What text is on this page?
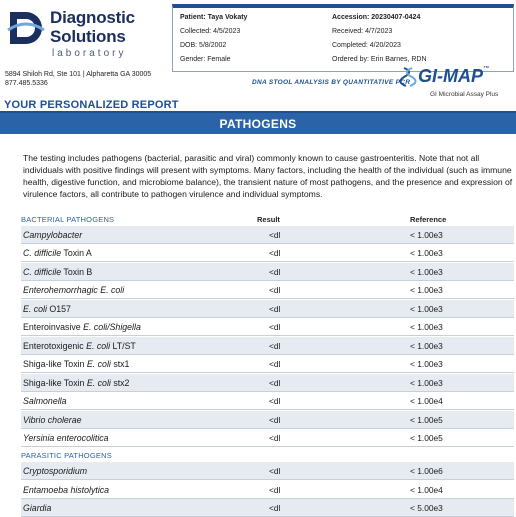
Diagnostic
Solutions
laboratory
5894 Shiloh Rd, Ste 101 | Alpharetta GA 30005
877.485.5336
Patient: Taya Vokaty
Collected: 4/5/2023
DOB: 5/8/2002
Gender: Female
Accession: 20230407-0424
Received: 4/7/2023
Completed: 4/20/2023
Ordered by: Erin Barnes, RDN
DNA STOOL ANALYSIS BY QUANTITATIVE PCR GI-MAP™
GI Microbial Assay Plus
YOUR PERSONALIZED REPORT
PATHOGENS
The testing includes pathogens (bacterial, parasitic and viral) commonly known to cause gastroenteritis. Note that not all individuals with positive findings will present with symptoms. Many factors, including the health of the individual (such as immune health, digestive function, and microbiome balance), the transient nature of most pathogens, and the presence and expression of virulence factors, all contribute to pathogen virulence and individual symptoms.
BACTERIAL PATHOGENS	Result	Reference
Campylobacter	<dl	< 1.00e3
C. difficile Toxin A	<dl	< 1.00e3
C. difficile Toxin B	<dl	< 1.00e3
Enterohemorrhagic E. coli	<dl	< 1.00e3
E. coli O157	<dl	< 1.00e3
Enteroinvasive E. coli/Shigella	<dl	< 1.00e3
Enterotoxigenic E. coli LT/ST	<dl	< 1.00e3
Shiga-like Toxin E. coli stx1	<dl	< 1.00e3
Shiga-like Toxin E. coli stx2	<dl	< 1.00e3
Salmonella	<dl	< 1.00e4
Vibrio cholerae	<dl	< 1.00e5
Yersinia enterocolitica	<dl	< 1.00e5
PARASITIC PATHOGENS
Cryptosporidium	<dl	< 1.00e6
Entamoeba histolytica	<dl	< 1.00e4
Giardia	<dl	< 5.00e3
